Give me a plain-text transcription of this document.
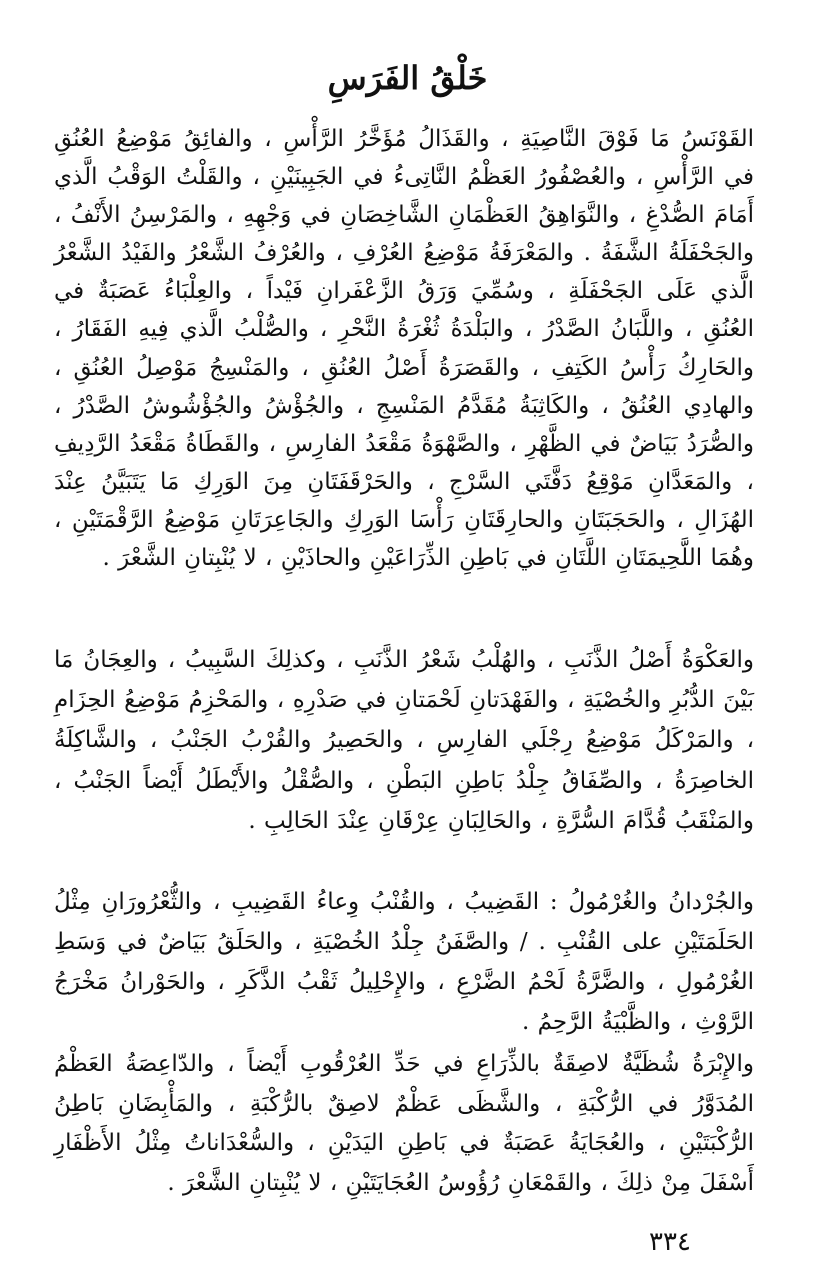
خَلْقُ الفَرَسِ

القَوْنَسُ مَا فَوْقَ النَّاصِيَةِ ، والقَذَالُ مُؤَخَّرُ الرَّأْسِ ، والفائِقُ مَوْضِعُ العُنُقِ في الرَّأْسِ ، والعُصْفُورُ العَظْمُ النَّاتِىءُ في الجَبِينَيْنِ ، والقَلْتُ الوَقْبُ الَّذي أَمَامَ الصُّدْغِ ، والنَّوَاهِقُ العَظْمَانِ الشَّاخِصَانِ في وَجْهِهِ ، والمَرْسِنُ الأَنْفُ ، والجَحْفَلَةُ الشَّفَةُ . والمَعْرَفَةُ مَوْضِعُ العُرْفِ ، والعُرْفُ الشَّعْرُ والفَيْدُ الشَّعْرُ الَّذي عَلَى الجَحْفَلَةِ ، وسُمِّيَ وَرَقُ الزَّعْفَرانِ فَيْداً ، والعِلْبَاءُ عَصَبَةٌ في العُنُقِ ، واللَّبَانُ الصَّدْرُ ، والبَلْدَةُ ثُغْرَةُ النَّحْرِ ، والصُّلْبُ الَّذي فِيهِ الفَقَارُ ، والحَارِكُ رَأْسُ الكَتِفِ ، والقَصَرَةُ أَصْلُ العُنُقِ ، والمَنْسِجُ مَوْصِلُ العُنُقِ ، والهادِي العُنُقُ ، والكَاثِبَةُ مُقَدَّمُ المَنْسِجِ ، والجُؤْشُ والجُؤْشُوشُ الصَّدْرُ ، والصُّرَدُ بَيَاضٌ في الظَّهْرِ ، والصَّهْوَةُ مَقْعَدُ الفارِسِ ، والقَطَاةُ مَقْعَدُ الرَّدِيفِ ، والمَعَدَّانِ مَوْقِعُ دَفَّتَي السَّرْجِ ، والحَرْقَفَتَانِ مِنَ الوَرِكِ مَا يَتَبَيَّنُ عِنْدَ الهُزَالِ ، والحَجَبَتَانِ والحارِقَتَانِ رَأْسَا الوَرِكِ والجَاعِرَتَانِ مَوْضِعُ الرَّقْمَتَيْنِ ، وهُمَا اللَّحِيمَتَانِ اللَّتَانِ في بَاطِنِ الذِّرَاعَيْنِ والحاذَيْنِ ، لا يُنْبِتانِ الشَّعْرَ .

والعَكْوَةُ أَصْلُ الذَّنَبِ ، والهُلْبُ شَعْرُ الذَّنَبِ ، وكذلِكَ السَّبِيبُ ، والعِجَانُ مَا بَيْنَ الدُّبُرِ والخُصْيَةِ ، والفَهْدَتانِ لَحْمَتانِ في صَدْرِهِ ، والمَحْزِمُ مَوْضِعُ الحِزَامِ ، والمَرْكَلُ مَوْضِعُ رِجْلَي الفارِسِ ، والحَصِيرُ والقُرْبُ الجَنْبُ ، والشَّاكِلَةُ الخاصِرَةُ ، والصِّفَاقُ جِلْدُ بَاطِنِ البَطْنِ ، والصُّقْلُ والأَيْطَلُ أَيْضاً الجَنْبُ ، والمَنْقَبُ قُدَّامَ السُّرَّةِ ، والحَالِبَانِ عِرْقَانِ عِنْدَ الحَالِبِ .

والجُرْدانُ والغُرْمُولُ : القَضِيبُ ، والقُنْبُ وِعاءُ القَضِيبِ ، والثُّعْرُورَانِ مِثْلُ الحَلَمَتَيْنِ على القُنْبِ . / والصَّفَنُ جِلْدُ الخُصْيَةِ ، والحَلَقُ بَيَاضٌ في وَسَطِ الغُرْمُولِ ، والضَّرَّةُ لَحْمُ الضَّرْعِ ، والإِحْلِيلُ ثَقْبُ الذَّكَرِ ، والحَوْرانُ مَخْرَجُ الرَّوْثِ ، والظَّبْيَةُ الرَّحِمُ .

والإِبْرَةُ شُظَيَّةٌ لاصِقَةٌ بالذِّرَاعِ في حَدِّ العُرْقُوبِ أَيْضاً ، والدّاعِصَةُ العَظْمُ المُدَوَّرُ في الرُّكْبَةِ ، والشَّظَى عَظْمٌ لاصِقٌ بالرُّكْبَةِ ، والمَأْبِضَانِ بَاطِنُ الرُّكْبَتَيْنِ ، والعُجَايَةُ عَصَبَةٌ في بَاطِنِ اليَدَيْنِ ، والسُّعْدَاناتُ مِثْلُ الأَظْفَارِ أَسْفَلَ مِنْ ذلِكَ ، والقَمْعَانِ رُؤُوسُ العُجَايَتَيْنِ ، لا يُنْبِتانِ الشَّعْرَ .

٣٣٤
